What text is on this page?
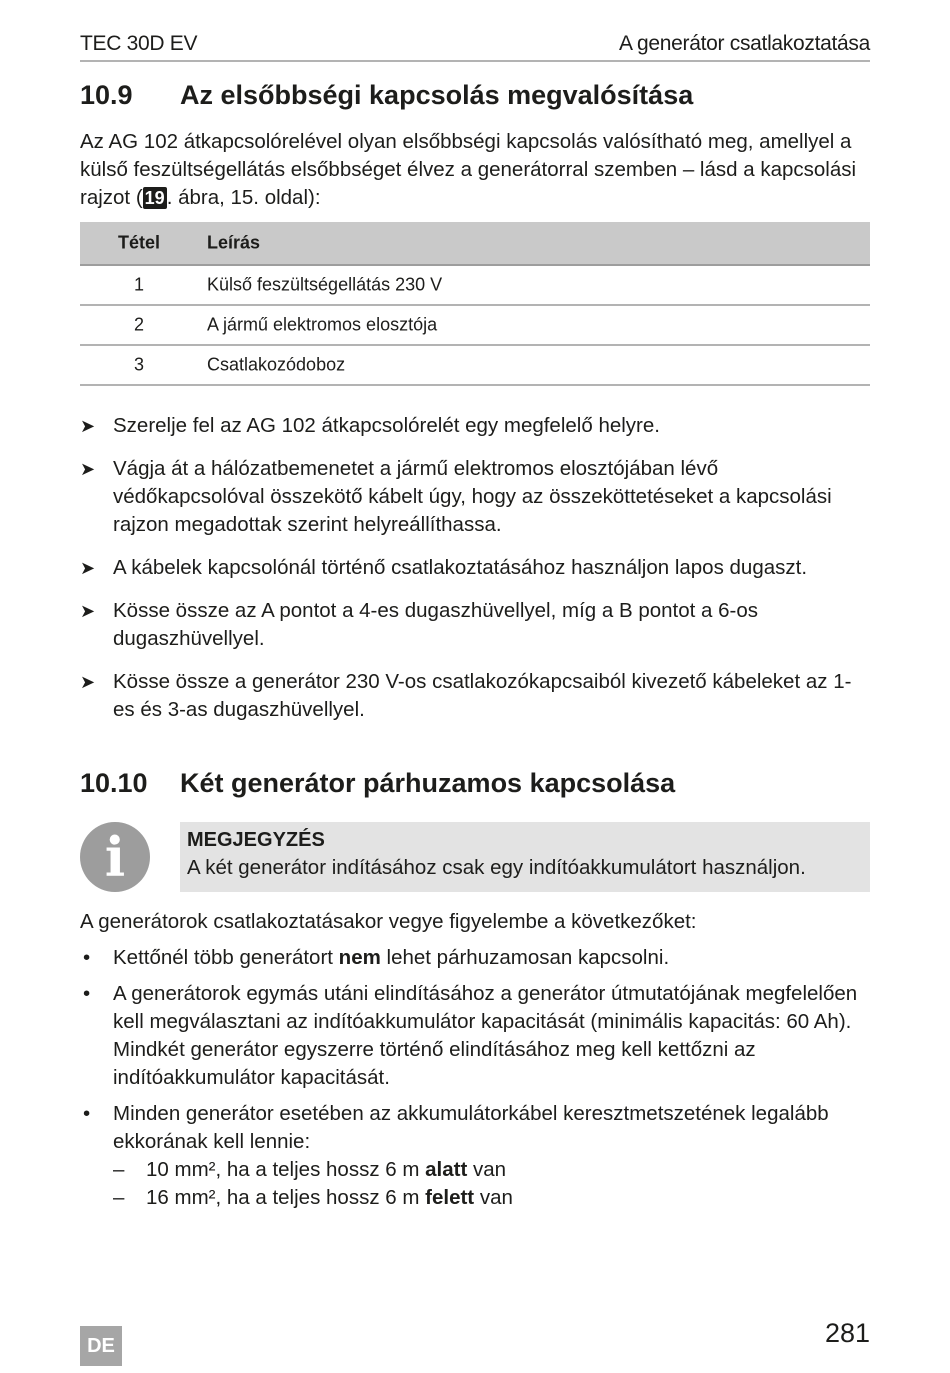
TEC 30D EV	A generátor csatlakoztatása
10.9 Az elsőbbségi kapcsolás megvalósítása
Az AG 102 átkapcsolórelével olyan elsőbbségi kapcsolás valósítható meg, amellyel a külső feszültségellátás elsőbbséget élvez a generátorral szemben – lásd a kapcsolási rajzot ( 19. ábra, 15. oldal):
Tétel	Leírás
1	Külső feszültségellátás 230 V
2	A jármű elektromos elosztója
3	Csatlakozódoboz
➤ Szerelje fel az AG 102 átkapcsolórelét egy megfelelő helyre.
➤ Vágja át a hálózatbemenetet a jármű elektromos elosztójában lévő védőkapcsolóval összekötő kábelt úgy, hogy az összeköttetéseket a kapcsolási rajzon megadottak szerint helyreállíthassa.
➤ A kábelek kapcsolónál történő csatlakoztatásához használjon lapos dugaszt.
➤ Kösse össze az A pontot a 4-es dugaszhüvellyel, míg a B pontot a 6-os dugaszhüvellyel.
➤ Kösse össze a generátor 230 V-os csatlakozókapcsaiból kivezető kábeleket az 1-es és 3-as dugaszhüvellyel.
10.10 Két generátor párhuzamos kapcsolása
i	MEGJEGYZÉS
A két generátor indításához csak egy indítóakkumulátort használjon.
A generátorok csatlakoztatásakor vegye figyelembe a következőket:
• Kettőnél több generátort nem lehet párhuzamosan kapcsolni.
• A generátorok egymás utáni elindításához a generátor útmutatójának megfelelően kell megválasztani az indítóakkumulátor kapacitását (minimális kapacitás: 60 Ah).
Mindkét generátor egyszerre történő elindításához meg kell kettőzni az indítóakkumulátor kapacitását.
• Minden generátor esetében az akkumulátorkábel keresztmetszetének legalább ekkorának kell lennie:
– 10 mm², ha a teljes hossz 6 m alatt van
– 16 mm², ha a teljes hossz 6 m felett van
281
DE
